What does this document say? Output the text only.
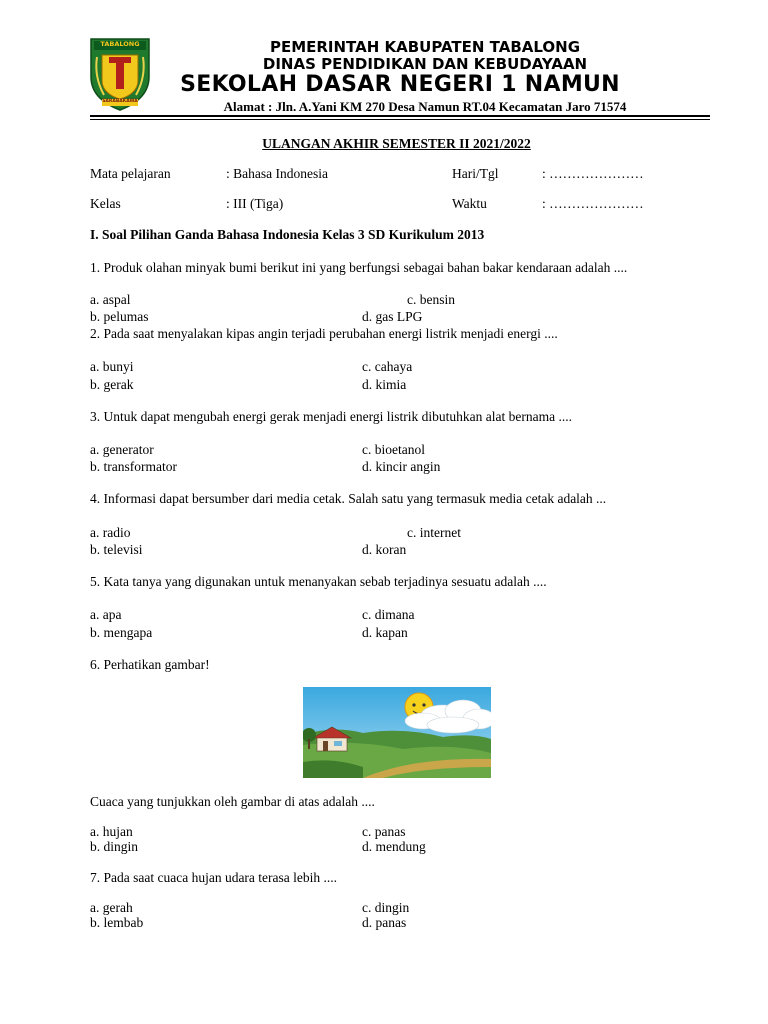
TABALONG
SARABAKAWA
PEMERINTAH KABUPATEN TABALONG
DINAS PENDIDIKAN DAN KEBUDAYAAN
SEKOLAH DASAR NEGERI 1 NAMUN
Alamat : Jln. A.Yani KM 270 Desa Namun RT.04 Kecamatan Jaro 71574
ULANGAN AKHIR SEMESTER II 2021/2022
Mata pelajaran	: Bahasa Indonesia	Hari/Tgl	: …………………
Kelas	: III (Tiga)	Waktu	: …………………
I. Soal Pilihan Ganda Bahasa Indonesia Kelas 3 SD Kurikulum 2013
1. Produk olahan minyak bumi berikut ini yang berfungsi sebagai bahan bakar kendaraan adalah ....
a. aspal	c. bensin
b. pelumas	d. gas LPG
2. Pada saat menyalakan kipas angin terjadi perubahan energi listrik menjadi energi ....
a. bunyi	c. cahaya
b. gerak	d. kimia
3. Untuk dapat mengubah energi gerak menjadi energi listrik dibutuhkan alat bernama ....
a. generator	c. bioetanol
b. transformator	d. kincir angin
4. Informasi dapat bersumber dari media cetak. Salah satu yang termasuk media cetak adalah ...
a. radio	c. internet
b. televisi	d. koran
5. Kata tanya yang digunakan untuk menanyakan sebab terjadinya sesuatu adalah ....
a. apa	c. dimana
b. mengapa	d. kapan
6. Perhatikan gambar!
Cuaca yang tunjukkan oleh gambar di atas adalah ....
a. hujan	c. panas
b. dingin	d. mendung
7. Pada saat cuaca hujan udara terasa lebih ....
a. gerah	c. dingin
b. lembab	d. panas
